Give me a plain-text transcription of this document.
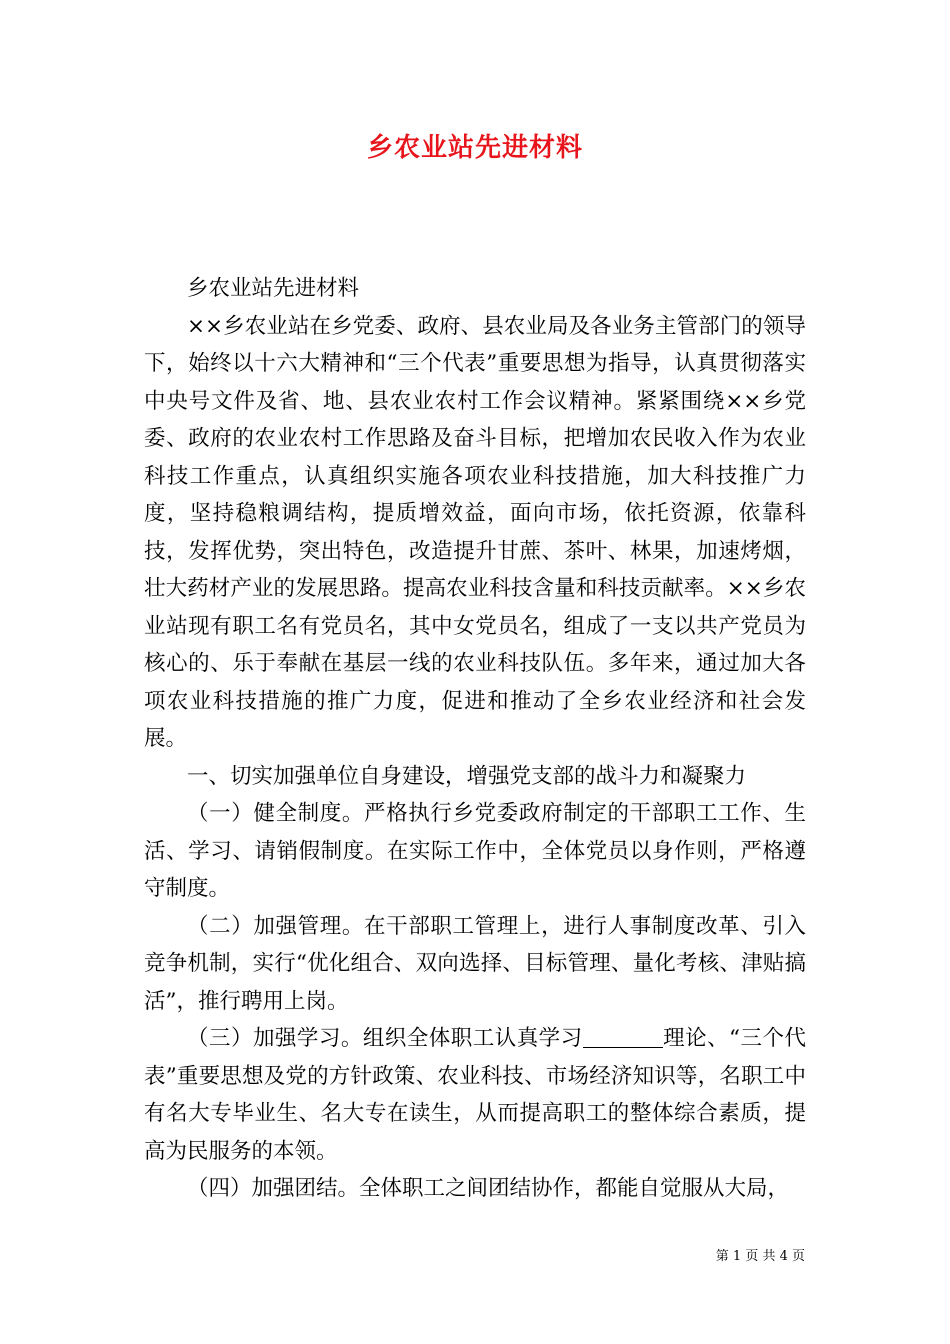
乡农业站先进材料

乡农业站先进材料

××乡农业站在乡党委、政府、县农业局及各业务主管部门的领导下，始终以十六大精神和“三个代表”重要思想为指导，认真贯彻落实中央号文件及省、地、县农业农村工作会议精神。紧紧围绕××乡党委、政府的农业农村工作思路及奋斗目标，把增加农民收入作为农业科技工作重点，认真组织实施各项农业科技措施，加大科技推广力度，坚持稳粮调结构，提质增效益，面向市场，依托资源，依靠科技，发挥优势，突出特色，改造提升甘蔗、茶叶、林果，加速烤烟，壮大药材产业的发展思路。提高农业科技含量和科技贡献率。××乡农业站现有职工名有党员名，其中女党员名，组成了一支以共产党员为核心的、乐于奉献在基层一线的农业科技队伍。多年来，通过加大各项农业科技措施的推广力度，促进和推动了全乡农业经济和社会发展。

一、切实加强单位自身建设，增强党支部的战斗力和凝聚力

（一）健全制度。严格执行乡党委政府制定的干部职工工作、生活、学习、请销假制度。在实际工作中，全体党员以身作则，严格遵守制度。

（二）加强管理。在干部职工管理上，进行人事制度改革、引入竞争机制，实行“优化组合、双向选择、目标管理、量化考核、津贴搞活”，推行聘用上岗。

（三）加强学习。组织全体职工认真学习	理论、“三个代表”重要思想及党的方针政策、农业科技、市场经济知识等，名职工中有名大专毕业生、名大专在读生，从而提高职工的整体综合素质，提高为民服务的本领。

（四）加强团结。全体职工之间团结协作，都能自觉服从大局，

第 1 页 共 4 页
